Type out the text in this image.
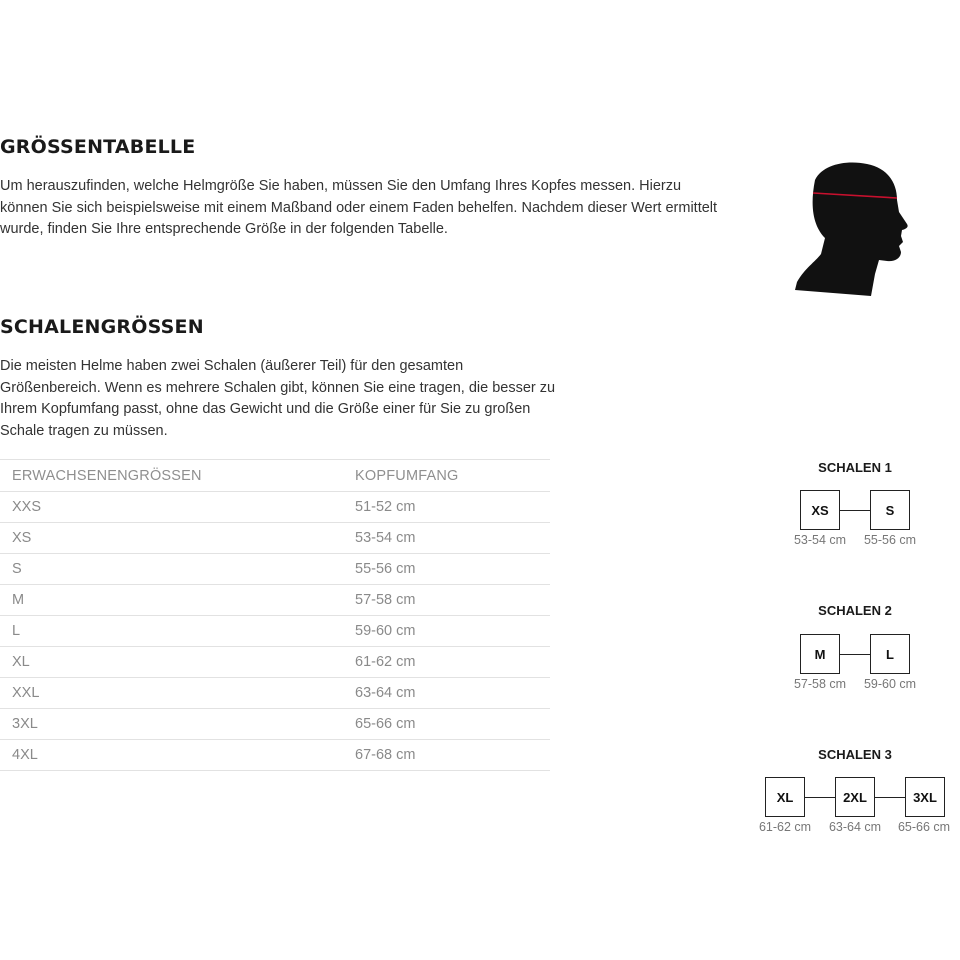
GRÖSSENTABELLE

Um herauszufinden, welche Helmgröße Sie haben, müssen Sie den Umfang Ihres Kopfes messen. Hierzu können Sie sich beispielsweise mit einem Maßband oder einem Faden behelfen. Nachdem dieser Wert ermittelt wurde, finden Sie Ihre entsprechende Größe in der folgenden Tabelle.

SCHALENGRÖSSEN

Die meisten Helme haben zwei Schalen (äußerer Teil) für den gesamten Größenbereich. Wenn es mehrere Schalen gibt, können Sie eine tragen, die besser zu Ihrem Kopfumfang passt, ohne das Gewicht und die Größe einer für Sie zu großen Schale tragen zu müssen.

ERWACHSENENGRÖSSEN	KOPFUMFANG
XXS	51-52 cm
XS	53-54 cm
S	55-56 cm
M	57-58 cm
L	59-60 cm
XL	61-62 cm
XXL	63-64 cm
3XL	65-66 cm
4XL	67-68 cm
SCHALEN 1
XS	S
53-54 cm	55-56 cm
SCHALEN 2
M	L
57-58 cm	59-60 cm
SCHALEN 3
XL	2XL	3XL
61-62 cm	63-64 cm	65-66 cm
